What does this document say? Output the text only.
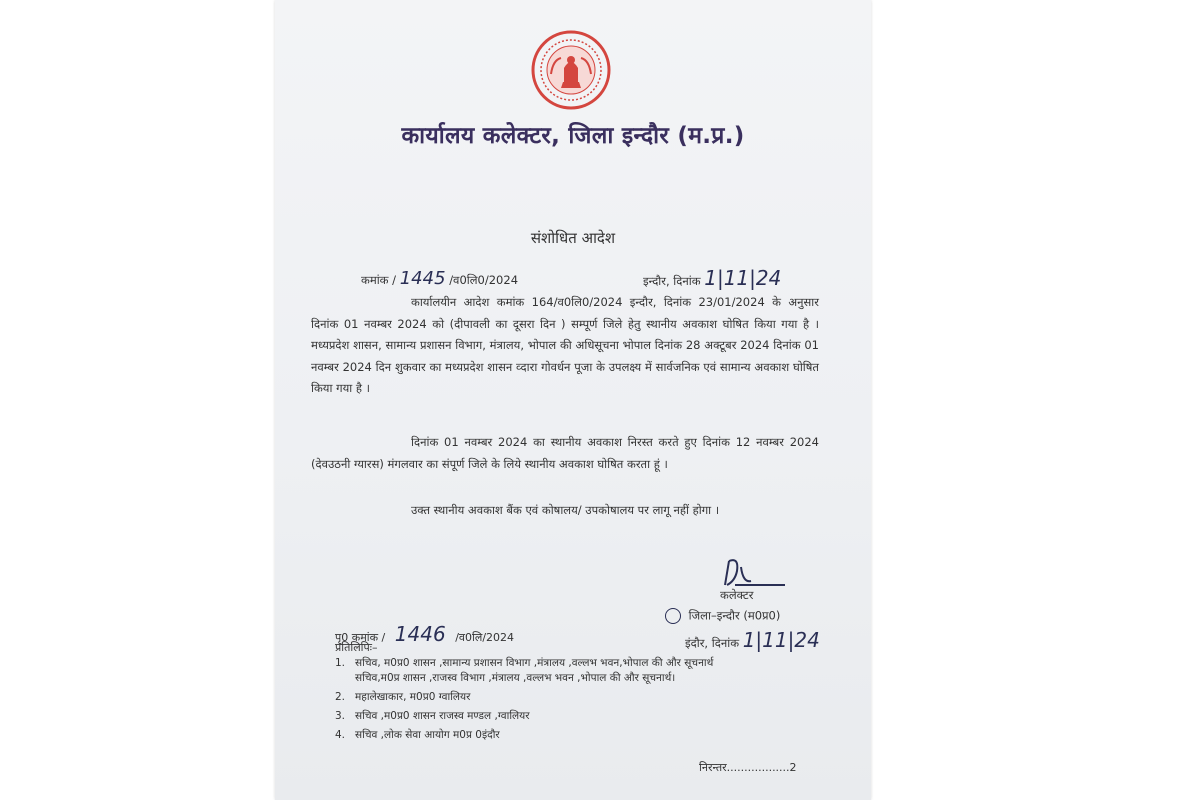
कार्यालय कलेक्टर, जिला इन्दौर (म.प्र.)
संशोधित आदेश
कमांक / 1445 /व0लि0/2024	इन्दौर, दिनांक 1|11|24
कार्यालयीन आदेश कमांक 164/व0लि0/2024 इन्दौर, दिनांक 23/01/2024 के अनुसार दिनांक 01 नवम्बर 2024 को (दीपावली का दूसरा दिन ) सम्पूर्ण जिले हेतु स्थानीय अवकाश घोषित किया गया है । मध्यप्रदेश शासन, सामान्य प्रशासन विभाग, मंत्रालय, भोपाल की अधिसूचना भोपाल दिनांक 28 अक्टूबर 2024 दिनांक 01 नवम्बर 2024 दिन शुकवार का मध्यप्रदेश शासन व्दारा गोवर्धन पूजा के उपलक्ष्य में सार्वजनिक एवं सामान्य अवकाश घोषित किया गया है ।
दिनांक 01 नवम्बर 2024 का स्थानीय अवकाश निरस्त करते हुए दिनांक 12 नवम्बर 2024 (देवउठनी ग्यारस) मंगलवार का संपूर्ण जिले के लिये स्थानीय अवकाश घोषित करता हूं ।
उक्त स्थानीय अवकाश बैंक एवं कोषालय/ उपकोषालय पर लागू नहीं होगा ।
कलेक्टर
जिला–इन्दौर (म0प्र0)
इंदौर, दिनांक 1|11|24
पृ0 कमांक / 1446 /व0लि/2024
प्रतिलिपिः–
1. सचिव, म0प्र0 शासन ,सामान्य प्रशासन विभाग ,मंत्रालय ,वल्लभ भवन,भोपाल की और सूचनार्थ
सचिव,म0प्र शासन ,राजस्व विभाग ,मंत्रालय ,वल्लभ भवन ,भोपाल की और सूचनार्थ।
2. महालेखाकार, म0प्र0 ग्वालियर
3. सचिव ,म0प्र0 शासन राजस्व मण्डल ,ग्वालियर
4. सचिव ,लोक सेवा आयोग म0प्र 0इंदौर
निरन्तर..................2
